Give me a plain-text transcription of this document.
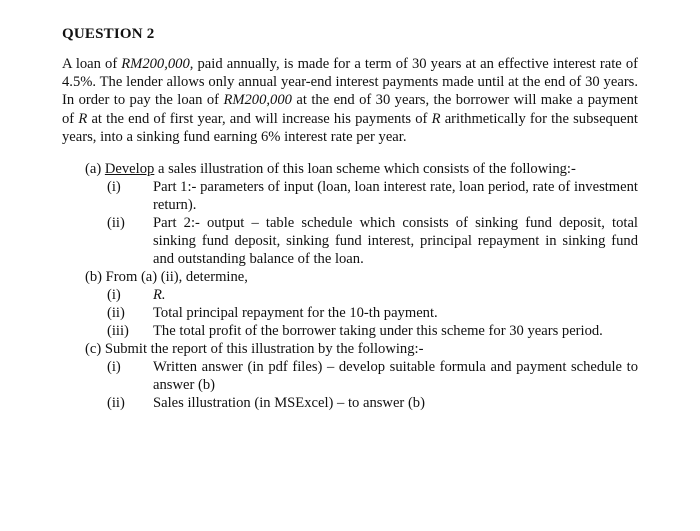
QUESTION 2

A loan of RM200,000, paid annually, is made for a term of 30 years at an effective interest rate of 4.5%. The lender allows only annual year-end interest payments made until at the end of 30 years. In order to pay the loan of RM200,000 at the end of 30 years, the borrower will make a payment of R at the end of first year, and will increase his payments of R arithmetically for the subsequent years, into a sinking fund earning 6% interest rate per year.

(a) Develop a sales illustration of this loan scheme which consists of the following:-
(i)	Part 1:- parameters of input (loan, loan interest rate, loan period, rate of investment return).
(ii)	Part 2:- output – table schedule which consists of sinking fund deposit, total sinking fund deposit, sinking fund interest, principal repayment in sinking fund and outstanding balance of the loan.
(b) From (a) (ii), determine,
(i)	R.
(ii)	Total principal repayment for the 10-th payment.
(iii)	The total profit of the borrower taking under this scheme for 30 years period.
(c) Submit the report of this illustration by the following:-
(i)	Written answer (in pdf files) – develop suitable formula and payment schedule to answer (b)
(ii)	Sales illustration (in MSExcel) – to answer (b)
